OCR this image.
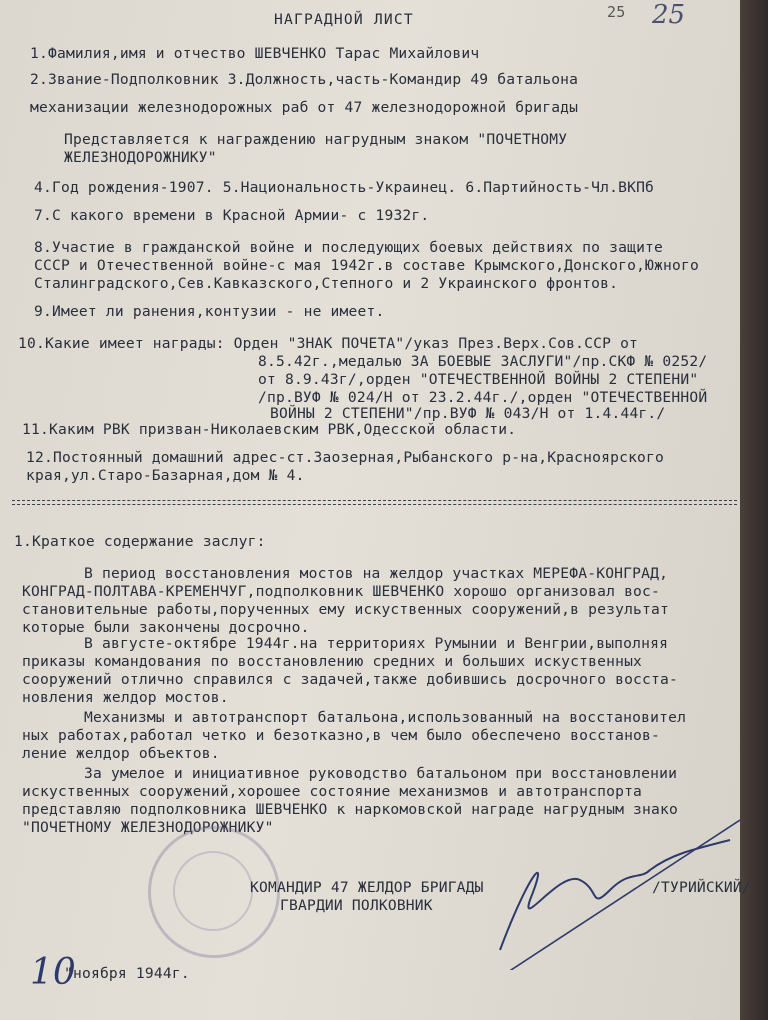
25 25
НАГРАДНОЙ ЛИСТ
1.Фамилия,имя и отчество ШЕВЧЕНКО Тарас Михайлович
2.Звание-Подполковник 3.Должность,часть-Командир 49 батальона
механизации железнодорожных раб от 47 железнодорожной бригады
Представляется к награждению нагрудным знаком "ПОЧЕТНОМУ
ЖЕЛЕЗНОДОРОЖНИКУ"
4.Год рождения-1907. 5.Национальность-Украинец. 6.Партийность-Чл.ВКПб
7.С какого времени в Красной Армии- с 1932г.
8.Участие в гражданской войне и последующих боевых действиях по защите
СССР и Отечественной войне-с мая 1942г.в составе Крымского,Донского,Южного
Сталинградского,Сев.Кавказского,Степного и 2 Украинского фронтов.
9.Имеет ли ранения,контузии - не имеет.
10.Какие имеет награды: Орден "ЗНАК ПОЧЕТА"/указ През.Верх.Сов.ССР от
8.5.42г.,медалью ЗА БОЕВЫЕ ЗАСЛУГИ"/пр.СКФ № 0252/
от 8.9.43г/,орден "ОТЕЧЕСТВЕННОЙ ВОЙНЫ 2 СТЕПЕНИ"
/пр.ВУФ № 024/Н от 23.2.44г./,орден "ОТЕЧЕСТВЕННОЙ
ВОЙНЫ 2 СТЕПЕНИ"/пр.ВУФ № 043/Н от 1.4.44г./
11.Каким РВК призван-Николаевским РВК,Одесской области.
12.Постоянный домашний адрес-ст.Заозерная,Рыбанского р-на,Красноярского
края,ул.Старо-Базарная,дом № 4.
1.Краткое содержание заслуг:
В период восстановления мостов на желдор участках МЕРЕФА-КОНГРАД,
КОНГРАД-ПОЛТАВА-КРЕМЕНЧУГ,подполковник ШЕВЧЕНКО хорошо организовал вос-
становительные работы,порученных ему искуственных сооружений,в результат
которые были закончены досрочно.
В августе-октябре 1944г.на территориях Румынии и Венгрии,выполняя
приказы командования по восстановлению средних и больших искуственных
сооружений отлично справился с задачей,также добившись досрочного восста-
новления желдор мостов.
Механизмы и автотранспорт батальона,использованный на восстановител
ных работах,работал четко и безотказно,в чем было обеспечено восстанов-
ление желдор объектов.
За умелое и инициативное руководство батальоном при восстановлении
искуственных сооружений,хорошее состояние механизмов и автотранспорта
представляю подполковника ШЕВЧЕНКО к наркомовской награде нагрудным знако
"ПОЧЕТНОМУ ЖЕЛЕЗНОДОРОЖНИКУ"
КОМАНДИР 47 ЖЕЛДОР БРИГАДЫ
ГВАРДИИ ПОЛКОВНИК
/ТУРИЙСКИЙ/
10
"ноября 1944г.
